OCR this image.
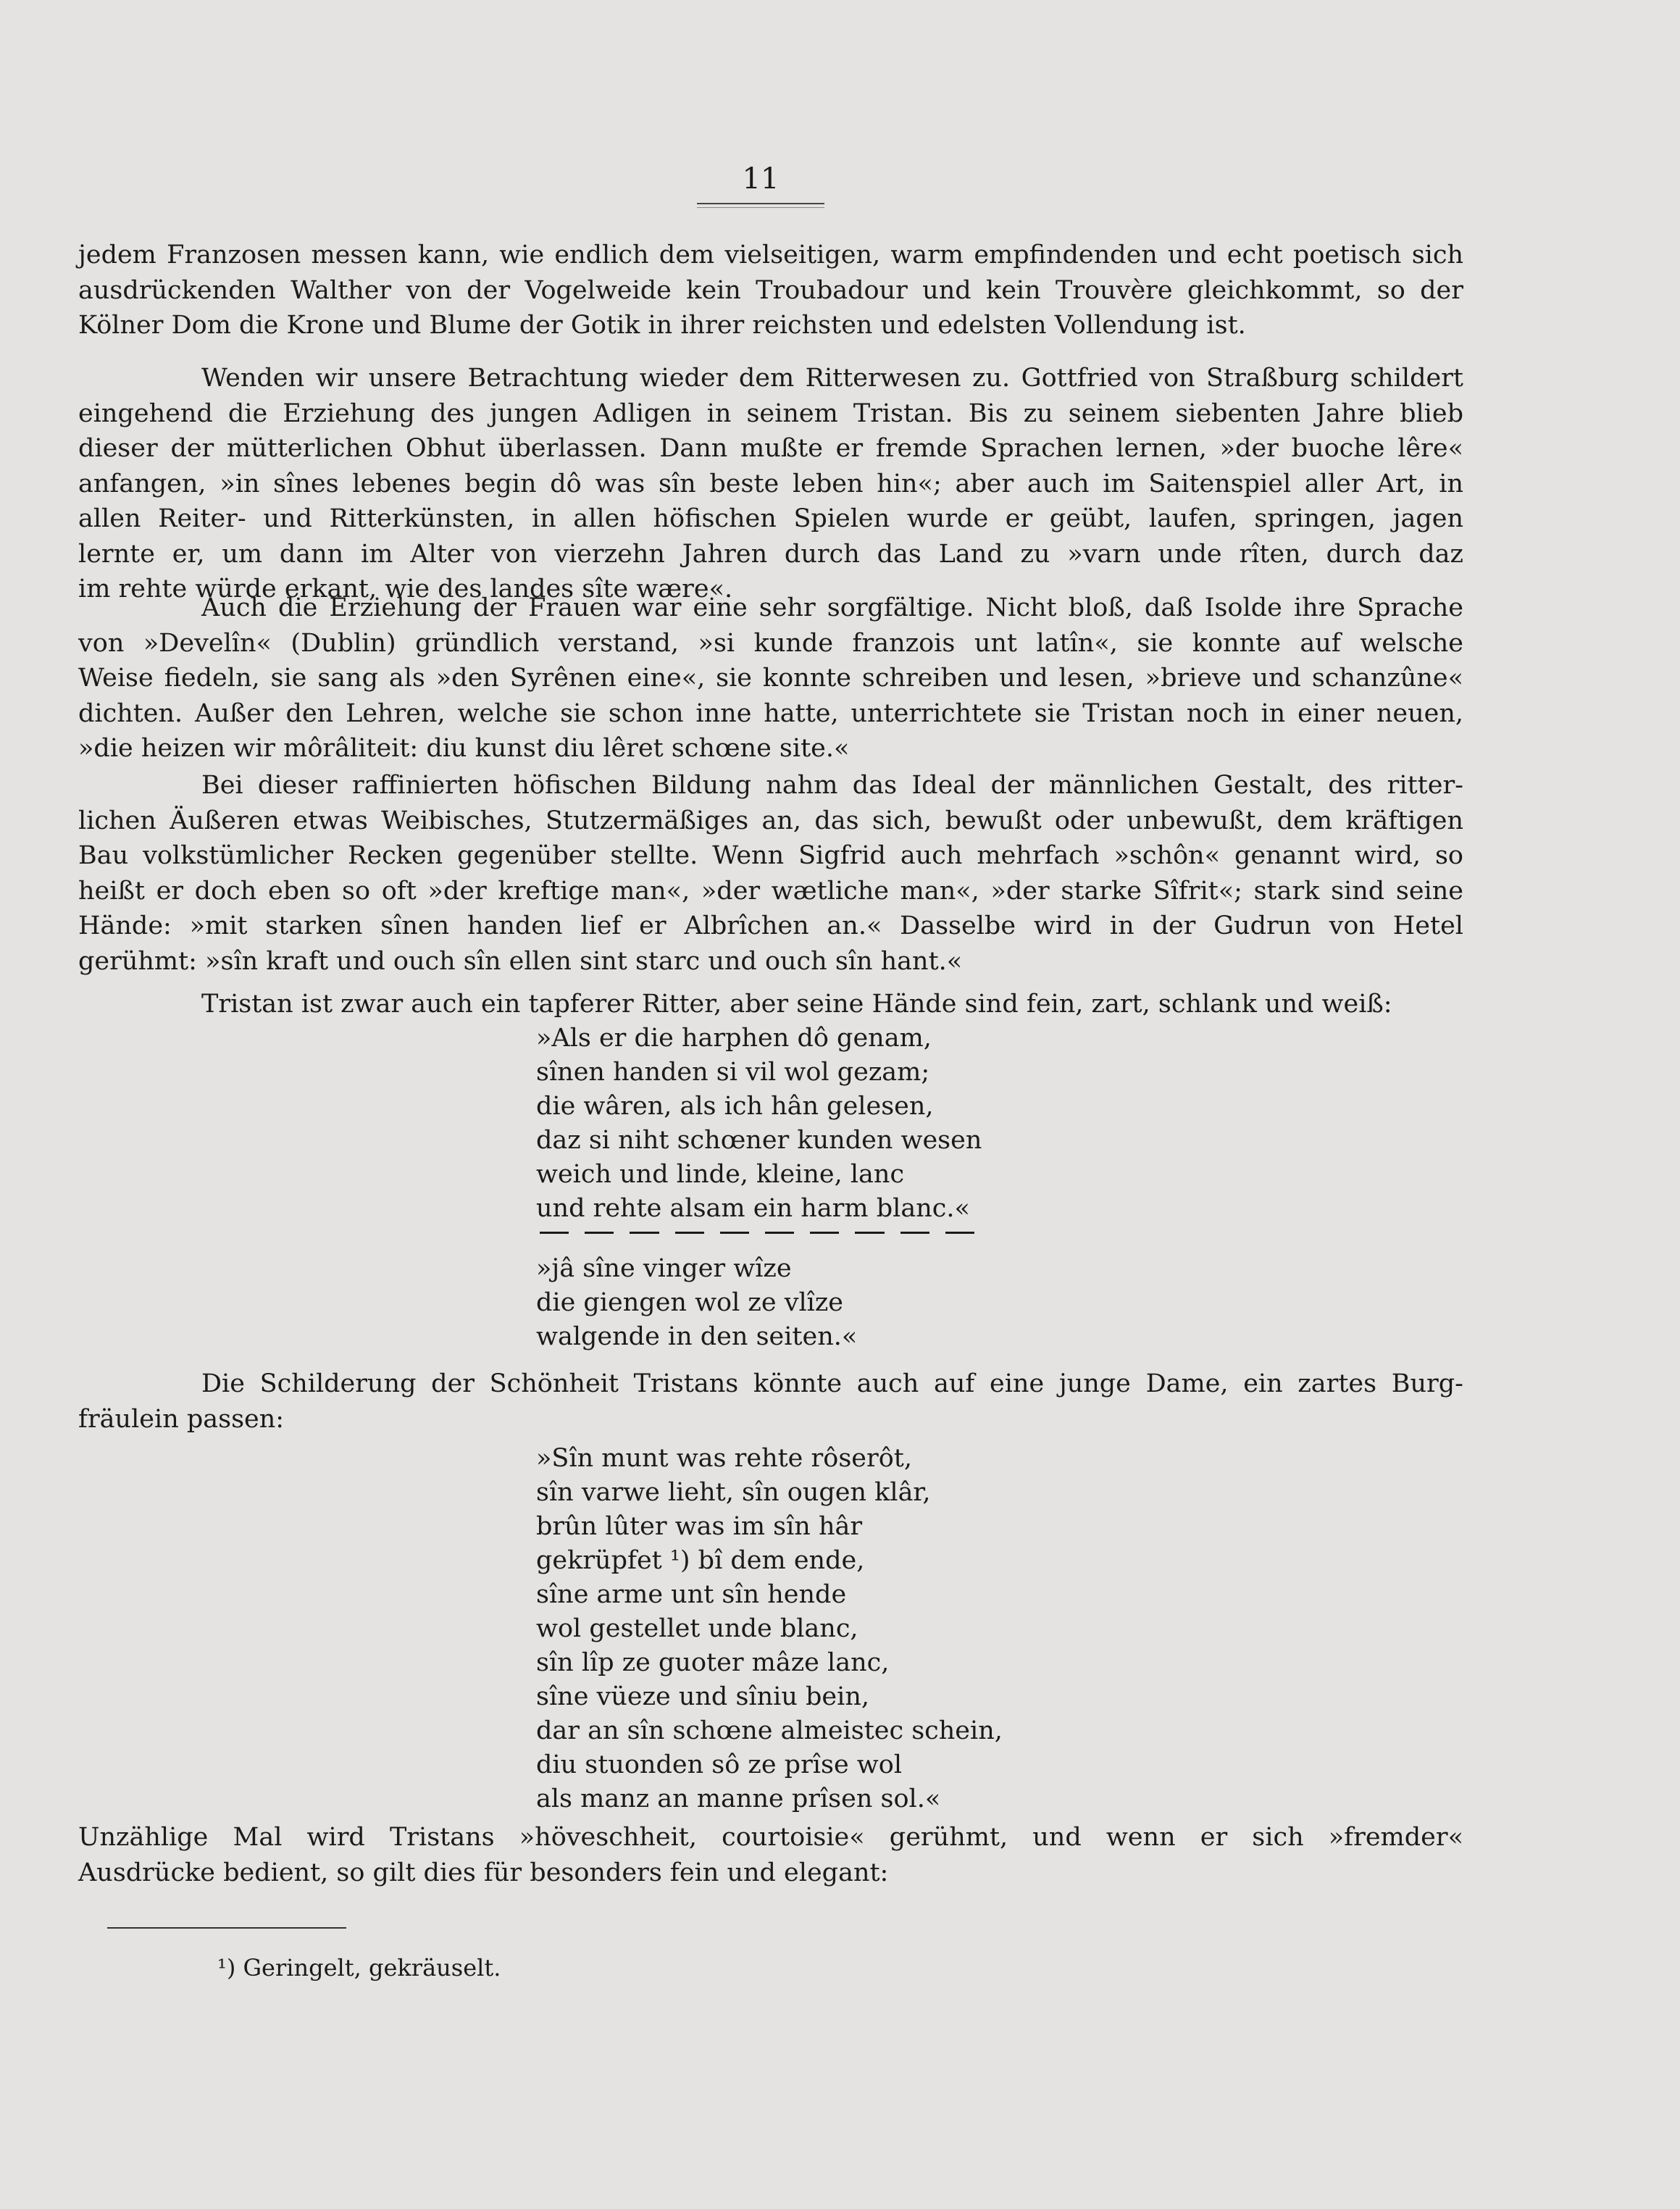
11
jedem Franzosen messen kann, wie endlich dem vielseitigen, warm empfindenden und echt poetisch sich
ausdrückenden Walther von der Vogelweide kein Troubadour und kein Trouvère gleichkommt, so der
Kölner Dom die Krone und Blume der Gotik in ihrer reichsten und edelsten Vollendung ist.
Wenden wir unsere Betrachtung wieder dem Ritterwesen zu. Gottfried von Straßburg schildert
eingehend die Erziehung des jungen Adligen in seinem Tristan. Bis zu seinem siebenten Jahre blieb
dieser der mütterlichen Obhut überlassen. Dann mußte er fremde Sprachen lernen, »der buoche lêre«
anfangen, »in sînes lebenes begin dô was sîn beste leben hin«; aber auch im Saitenspiel aller Art, in
allen Reiter- und Ritterkünsten, in allen höfischen Spielen wurde er geübt, laufen, springen, jagen
lernte er, um dann im Alter von vierzehn Jahren durch das Land zu »varn unde rîten, durch daz
im rehte würde erkant, wie des landes sîte wære«.
Auch die Erziehung der Frauen war eine sehr sorgfältige. Nicht bloß, daß Isolde ihre Sprache
von »Develîn« (Dublin) gründlich verstand, »si kunde franzois unt latîn«, sie konnte auf welsche
Weise fiedeln, sie sang als »den Syrênen eine«, sie konnte schreiben und lesen, »brieve und schanzûne«
dichten. Außer den Lehren, welche sie schon inne hatte, unterrichtete sie Tristan noch in einer neuen,
»die heizen wir môrâliteit: diu kunst diu lêret schœne site.«
Bei dieser raffinierten höfischen Bildung nahm das Ideal der männlichen Gestalt, des ritter-
lichen Äußeren etwas Weibisches, Stutzermäßiges an, das sich, bewußt oder unbewußt, dem kräftigen
Bau volkstümlicher Recken gegenüber stellte. Wenn Sigfrid auch mehrfach »schôn« genannt wird, so
heißt er doch eben so oft »der kreftige man«, »der wætliche man«, »der starke Sîfrit«; stark sind seine
Hände: »mit starken sînen handen lief er Albrîchen an.« Dasselbe wird in der Gudrun von Hetel
gerühmt: »sîn kraft und ouch sîn ellen sint starc und ouch sîn hant.«
Tristan ist zwar auch ein tapferer Ritter, aber seine Hände sind fein, zart, schlank und weiß:
»Als er die harphen dô genam,
sînen handen si vil wol gezam;
die wâren, als ich hân gelesen,
daz si niht schœner kunden wesen
weich und linde, kleine, lanc
und rehte alsam ein harm blanc.«
»jâ sîne vinger wîze
die giengen wol ze vlîze
walgende in den seiten.«
Die Schilderung der Schönheit Tristans könnte auch auf eine junge Dame, ein zartes Burg-
fräulein passen:
»Sîn munt was rehte rôserôt,
sîn varwe lieht, sîn ougen klâr,
brûn lûter was im sîn hâr
gekrüpfet ¹) bî dem ende,
sîne arme unt sîn hende
wol gestellet unde blanc,
sîn lîp ze guoter mâze lanc,
sîne vüeze und sîniu bein,
dar an sîn schœne almeistec schein,
diu stuonden sô ze prîse wol
als manz an manne prîsen sol.«
Unzählige Mal wird Tristans »höveschheit, courtoisie« gerühmt, und wenn er sich »fremder«
Ausdrücke bedient, so gilt dies für besonders fein und elegant:
¹) Geringelt, gekräuselt.
